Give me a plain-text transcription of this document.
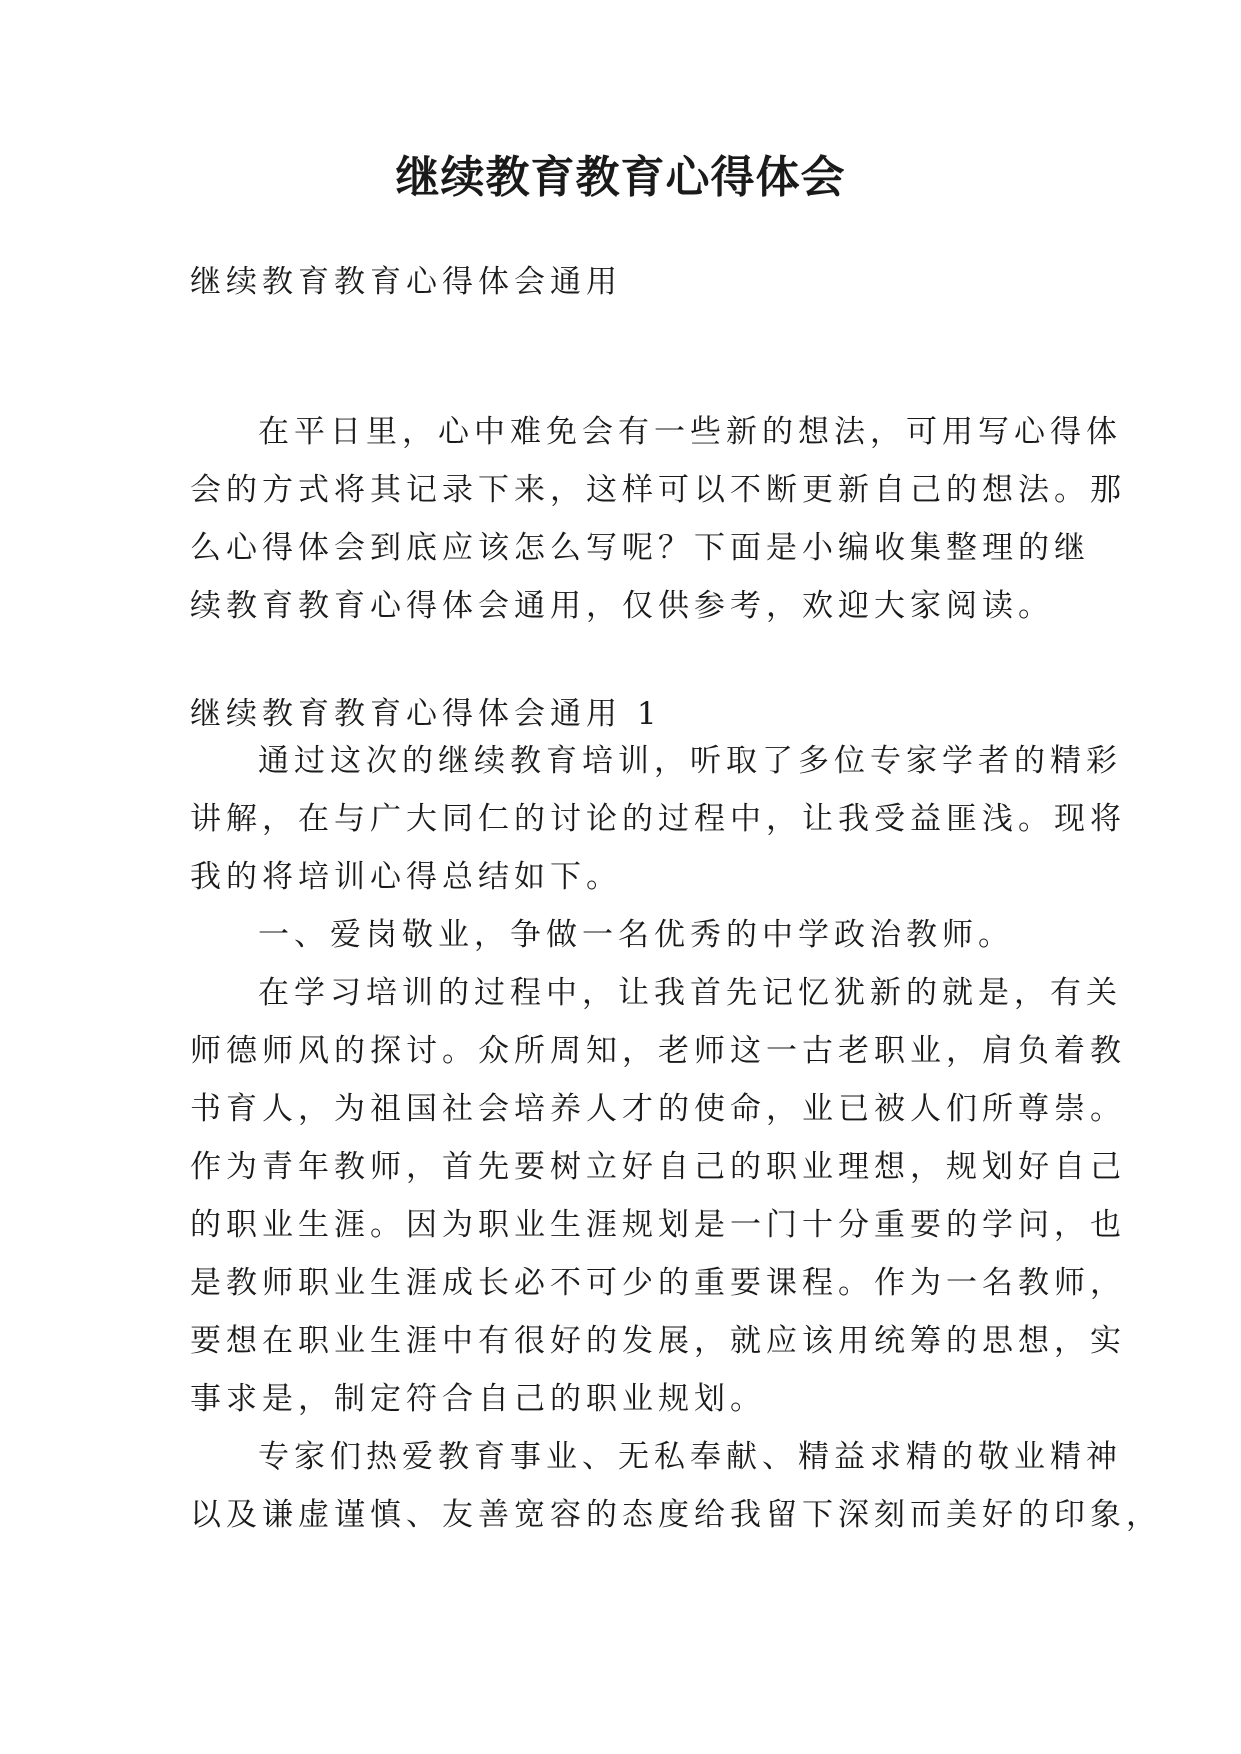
继续教育教育心得体会
继续教育教育心得体会通用
在平日里，心中难免会有一些新的想法，可用写心得体
会的方式将其记录下来，这样可以不断更新自己的想法。那
么心得体会到底应该怎么写呢？下面是小编收集整理的继
续教育教育心得体会通用，仅供参考，欢迎大家阅读。
继续教育教育心得体会通用 1
通过这次的继续教育培训，听取了多位专家学者的精彩
讲解，在与广大同仁的讨论的过程中，让我受益匪浅。现将
我的将培训心得总结如下。
一、爱岗敬业，争做一名优秀的中学政治教师。
在学习培训的过程中，让我首先记忆犹新的就是，有关
师德师风的探讨。众所周知，老师这一古老职业，肩负着教
书育人，为祖国社会培养人才的使命，业已被人们所尊崇。
作为青年教师，首先要树立好自己的职业理想，规划好自己
的职业生涯。因为职业生涯规划是一门十分重要的学问，也
是教师职业生涯成长必不可少的重要课程。作为一名教师，
要想在职业生涯中有很好的发展，就应该用统筹的思想，实
事求是，制定符合自己的职业规划。
专家们热爱教育事业、无私奉献、精益求精的敬业精神
以及谦虚谨慎、友善宽容的态度给我留下深刻而美好的印象，
